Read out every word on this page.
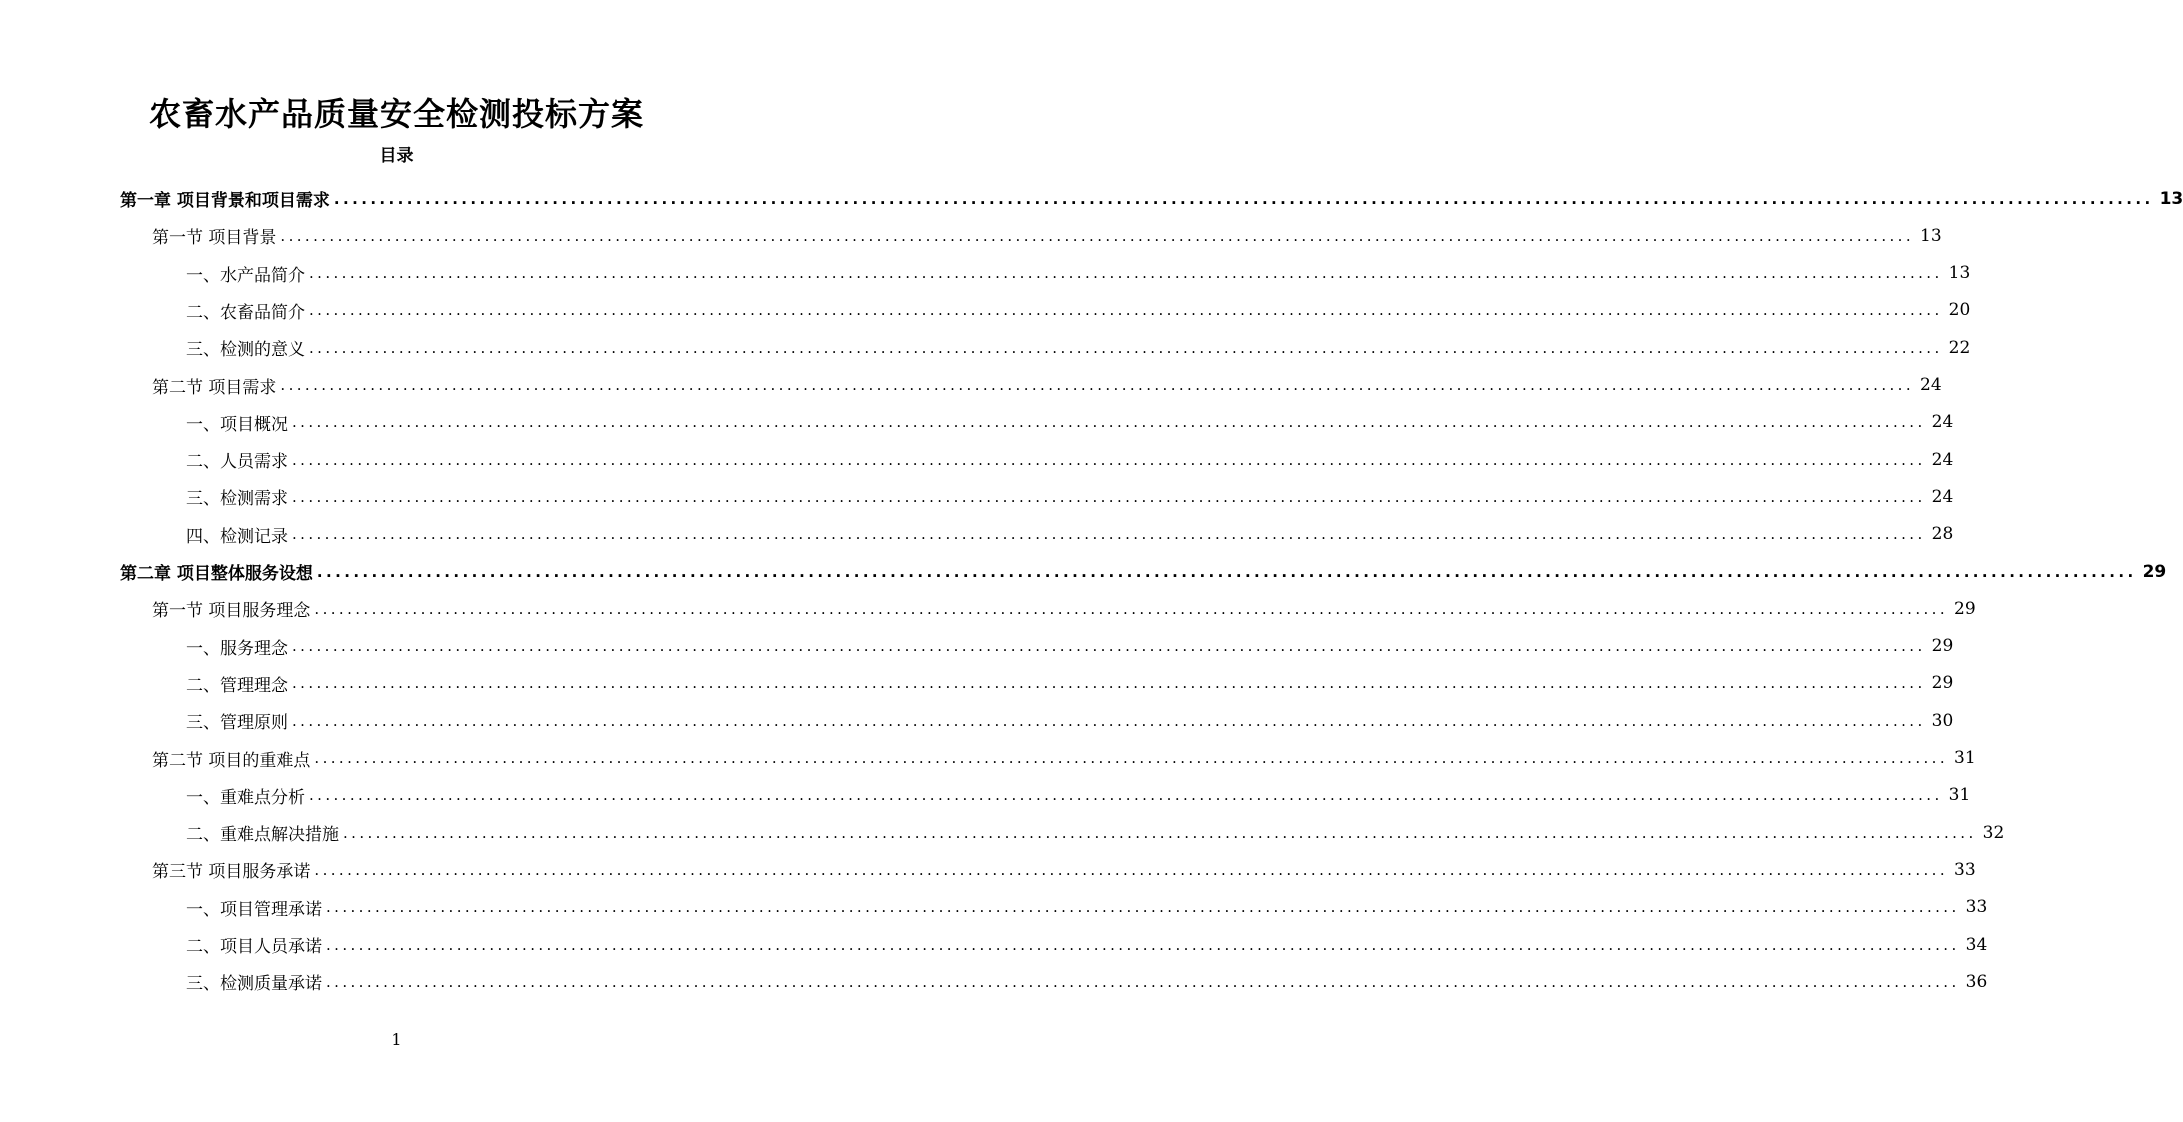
农畜水产品质量安全检测投标方案
目录
第一章 项目背景和项目需求 ........................................................................................................................................................................................................ 13
第一节 项目背景 ........................................................................................................................................................................................................ 13
一、水产品简介 ........................................................................................................................................................................................................ 13
二、农畜品简介 ........................................................................................................................................................................................................ 20
三、检测的意义 ........................................................................................................................................................................................................ 22
第二节 项目需求 ........................................................................................................................................................................................................ 24
一、项目概况 ........................................................................................................................................................................................................ 24
二、人员需求 ........................................................................................................................................................................................................ 24
三、检测需求 ........................................................................................................................................................................................................ 24
四、检测记录 ........................................................................................................................................................................................................ 28
第二章 项目整体服务设想 ........................................................................................................................................................................................................ 29
第一节 项目服务理念 ........................................................................................................................................................................................................ 29
一、服务理念 ........................................................................................................................................................................................................ 29
二、管理理念 ........................................................................................................................................................................................................ 29
三、管理原则 ........................................................................................................................................................................................................ 30
第二节 项目的重难点 ........................................................................................................................................................................................................ 31
一、重难点分析 ........................................................................................................................................................................................................ 31
二、重难点解决措施 ........................................................................................................................................................................................................ 32
第三节 项目服务承诺 ........................................................................................................................................................................................................ 33
一、项目管理承诺 ........................................................................................................................................................................................................ 33
二、项目人员承诺 ........................................................................................................................................................................................................ 34
三、检测质量承诺 ........................................................................................................................................................................................................ 36
1
